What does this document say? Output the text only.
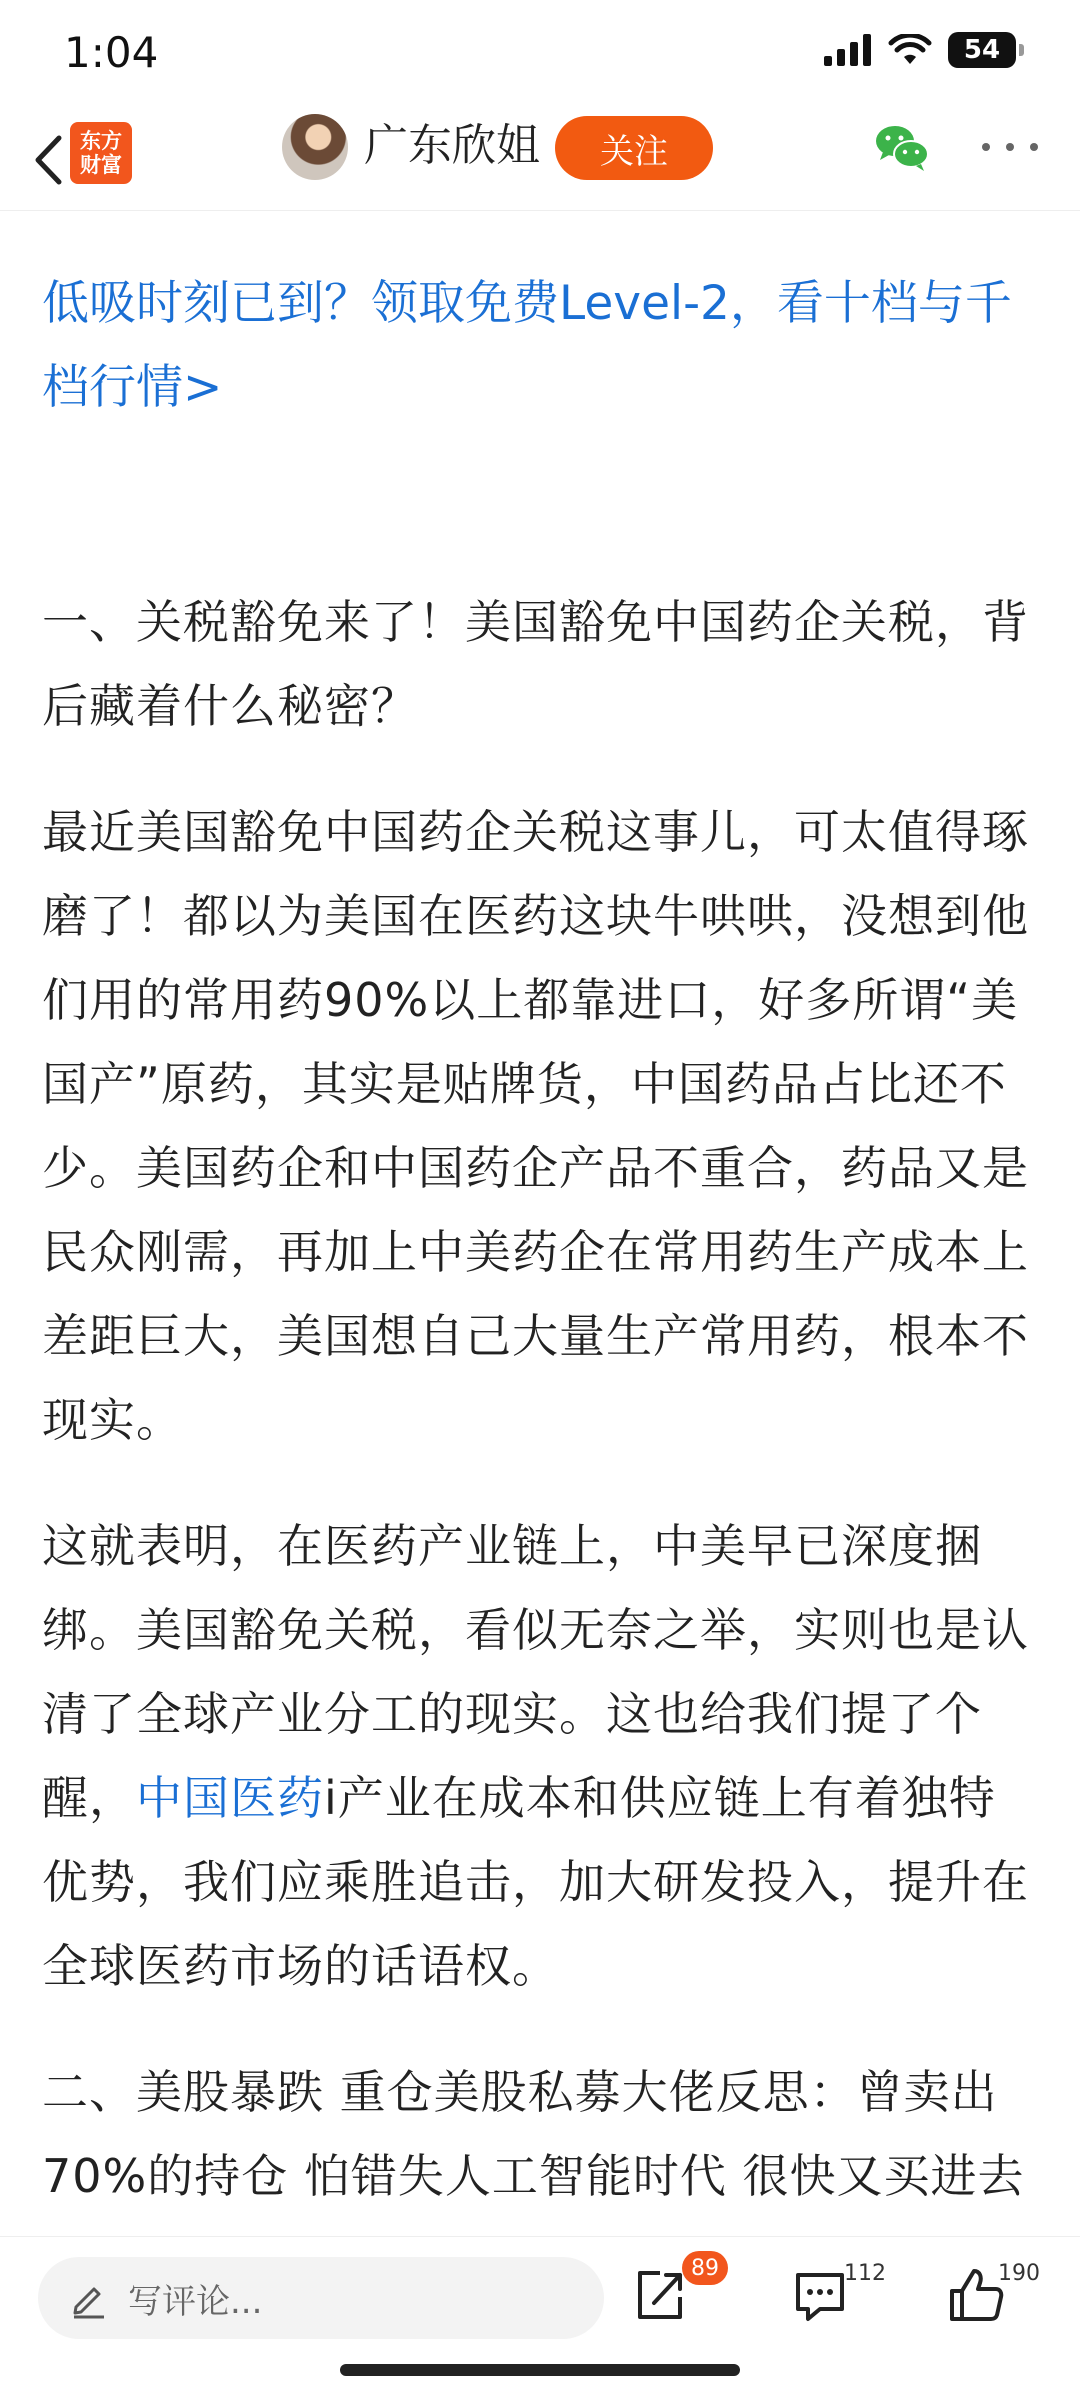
1:04	54
东方
财富	广东欣姐	关注
低吸时刻已到？领取免费Level-2，看十档与千档行情>

一、关税豁免来了！美国豁免中国药企关税，背后藏着什么秘密？

最近美国豁免中国药企关税这事儿，可太值得琢磨了！都以为美国在医药这块牛哄哄，没想到他们用的常用药90%以上都靠进口，好多所谓“美国产”原药，其实是贴牌货，中国药品占比还不少。美国药企和中国药企产品不重合，药品又是民众刚需，再加上中美药企在常用药生产成本上差距巨大，美国想自己大量生产常用药，根本不现实。

这就表明，在医药产业链上，中美早已深度捆绑。美国豁免关税，看似无奈之举，实则也是认清了全球产业分工的现实。这也给我们提了个醒，中国医药i产业在成本和供应链上有着独特优势，我们应乘胜追击，加大研发投入，提升在全球医药市场的话语权。

二、美股暴跌 重仓美股私募大佬反思：曾卖出70%的持仓 怕错失人工智能时代 很快又买进去

写评论...
89	112	190
